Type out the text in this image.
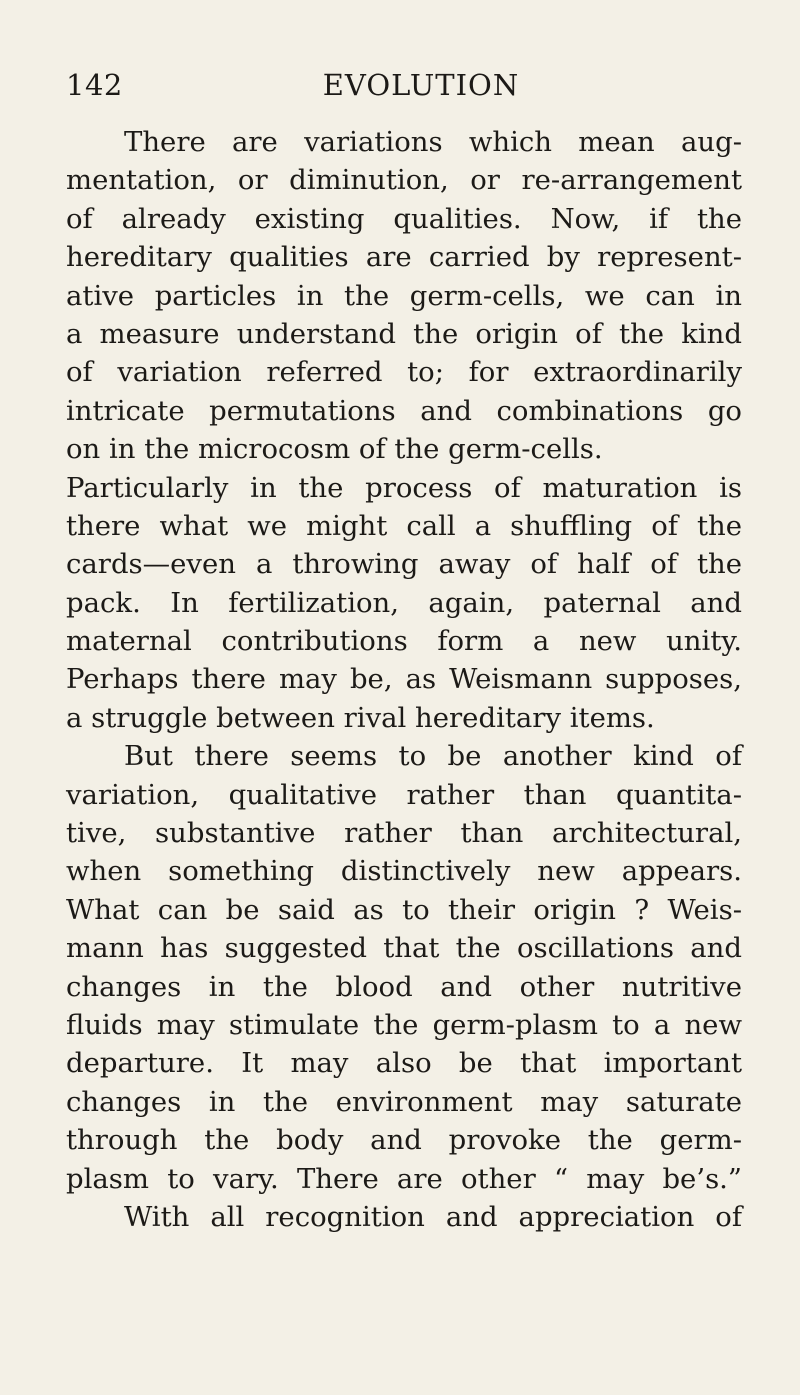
142	EVOLUTION
There are variations which mean aug-
mentation, or diminution, or re-arrangement
of already existing qualities. Now, if the
hereditary qualities are carried by represent-
ative particles in the germ-cells, we can in
a measure understand the origin of the kind
of variation referred to; for extraordinarily
intricate permutations and combinations go
on in the microcosm of the germ-cells.
Particularly in the process of maturation is
there what we might call a shuffling of the
cards—even a throwing away of half of the
pack. In fertilization, again, paternal and
maternal contributions form a new unity.
Perhaps there may be, as Weismann supposes,
a struggle between rival hereditary items.
But there seems to be another kind of
variation, qualitative rather than quantita-
tive, substantive rather than architectural,
when something distinctively new appears.
What can be said as to their origin ? Weis-
mann has suggested that the oscillations and
changes in the blood and other nutritive
fluids may stimulate the germ-plasm to a new
departure. It may also be that important
changes in the environment may saturate
through the body and provoke the germ-
plasm to vary. There are other “ may be’s.”
With all recognition and appreciation of
